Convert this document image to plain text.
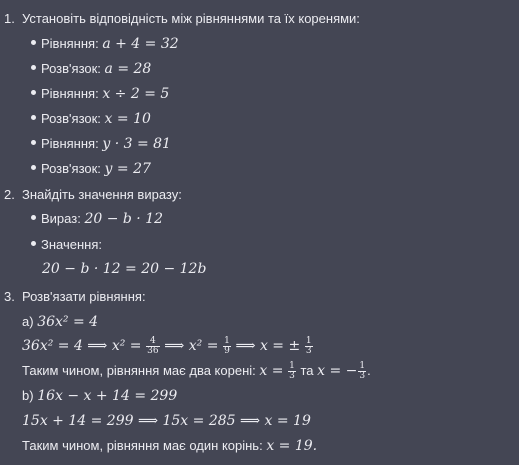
1. Установіть відповідність між рівняннями та їх коренями:
Рівняння: a + 4 = 32
Розв'язок: a = 28
Рівняння: x ÷ 2 = 5
Розв'язок: x = 10
Рівняння: y · 3 = 81
Розв'язок: y = 27
2. Знайдіть значення виразу:
Вираз: 20 − b · 12
Значення:
20 − b · 12 = 20 − 12b
3. Розв'язати рівняння:
a) 36x² = 4
36x² = 4 ⟹ $x^2 = \frac{4}{36}$ ⟹ $x^2 = \frac{1}{9}$ ⟹ x = ± $\frac{1}{3}$
Таким чином, рівняння має два корені: $x = \frac{1}{3}$ та x = − $\frac{1}{3}$ .
b) 16x − x + 14 = 299
15x + 14 = 299 ⟹ 15x = 285 ⟹ x = 19
Таким чином, рівняння має один корінь: x = 19.
